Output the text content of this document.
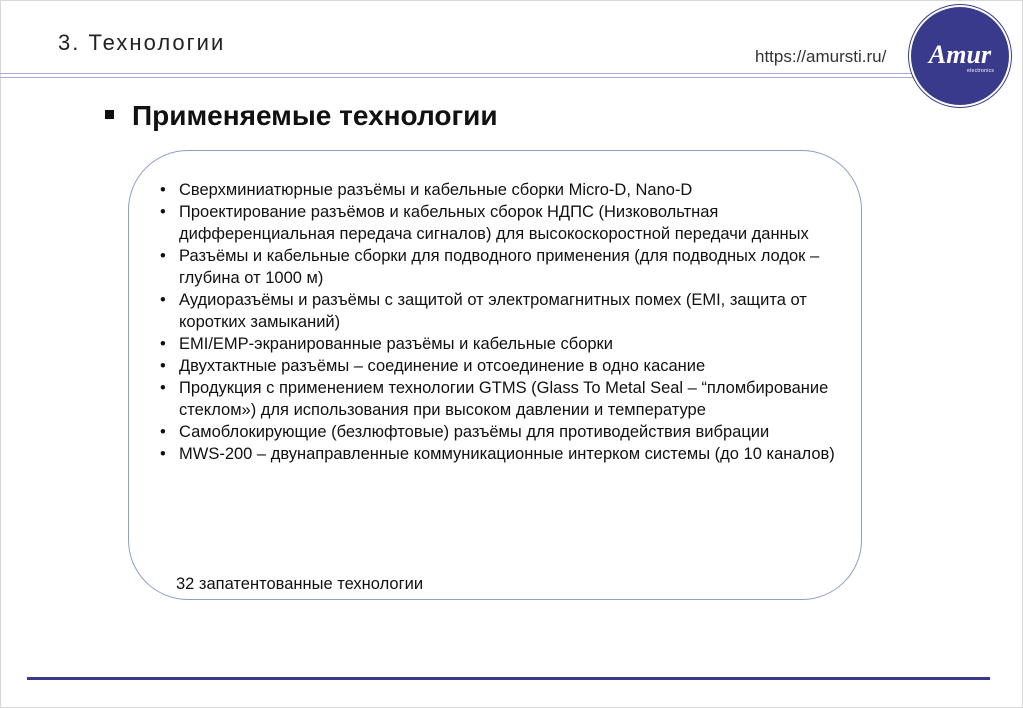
3. Технологии
https://amursti.ru/	Amur
electronics
Применяемые технологии
• Сверхминиатюрные разъёмы и кабельные сборки Micro-D, Nano-D
• Проектирование разъёмов и кабельных сборок НДПС (Низковольтная дифференциальная передача сигналов) для высокоскоростной передачи данных
• Разъёмы и кабельные сборки для подводного применения (для подводных лодок – глубина от 1000 м)
• Аудиоразъёмы и разъёмы с защитой от электромагнитных помех (EMI, защита от коротких замыканий)
• EMI/EMP-экранированные разъёмы и кабельные сборки
• Двухтактные разъёмы – соединение и отсоединение в одно касание
• Продукция с применением технологии GTMS (Glass To Metal Seal – “пломбирование стеклом») для использования при высоком давлении и температуре
• Самоблокирующие (безлюфтовые) разъёмы для противодействия вибрации
• MWS-200 – двунаправленные коммуникационные интерком системы (до 10 каналов)
32 запатентованные технологии
